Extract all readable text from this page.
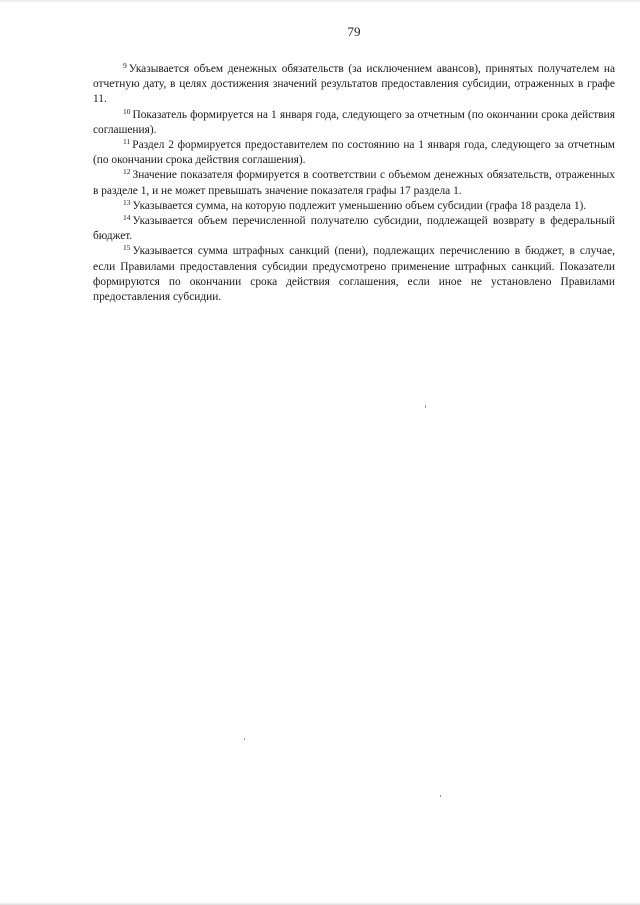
79

$^9$ Указывается объем денежных обязательств (за исключением авансов), принятых получателем на отчетную дату, в целях достижения значений результатов предоставления субсидии, отраженных в графе 11.

$^{10}$ Показатель формируется на 1 января года, следующего за отчетным (по окончании срока действия соглашения).

$^{11}$ Раздел 2 формируется предоставителем по состоянию на 1 января года, следующего за отчетным (по окончании срока действия соглашения).

$^{12}$ Значение показателя формируется в соответствии с объемом денежных обязательств, отраженных в разделе 1, и не может превышать значение показателя графы 17 раздела 1.

$^{13}$ Указывается сумма, на которую подлежит уменьшению объем субсидии (графа 18 раздела 1).

$^{14}$ Указывается объем перечисленной получателю субсидии, подлежащей возврату в федеральный бюджет.

$^{15}$ Указывается сумма штрафных санкций (пени), подлежащих перечислению в бюджет, в случае, если Правилами предоставления субсидии предусмотрено применение штрафных санкций. Показатели формируются по окончании срока действия соглашения, если иное не установлено Правилами предоставления субсидии.
